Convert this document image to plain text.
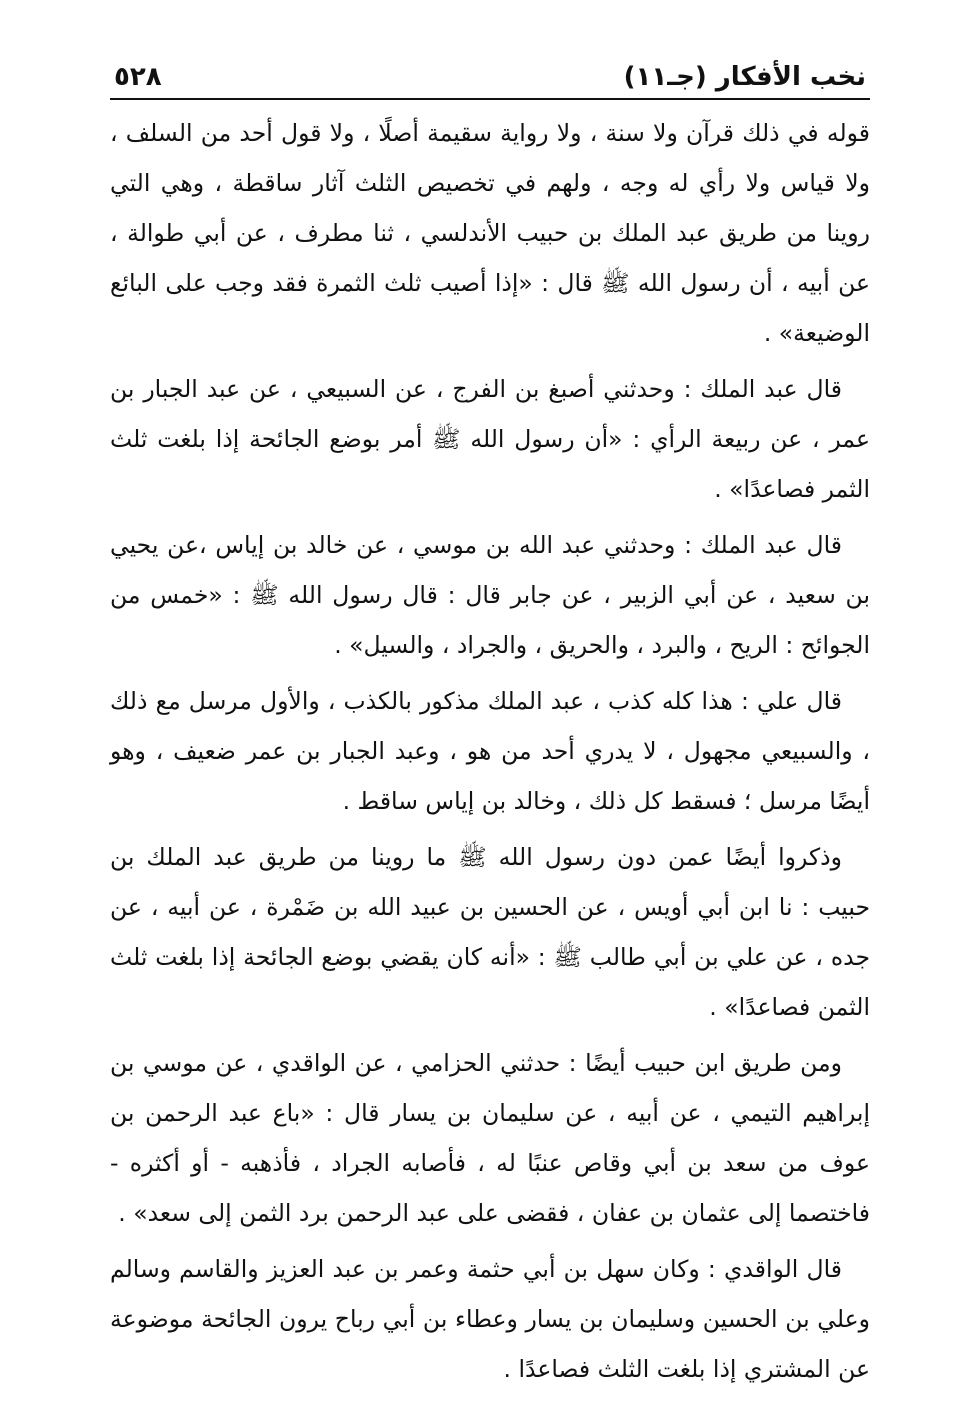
نخب الأفكار (جـ١١)
٥٢٨

قوله في ذلك قرآن ولا سنة ، ولا رواية سقيمة أصلًا ، ولا قول أحد من السلف ، ولا قياس ولا رأي له وجه ، ولهم في تخصيص الثلث آثار ساقطة ، وهي التي روينا من طريق عبد الملك بن حبيب الأندلسي ، ثنا مطرف ، عن أبي طوالة ، عن أبيه ، أن رسول الله ﷺ قال : «إذا أصيب ثلث الثمرة فقد وجب على البائع الوضيعة» .

قال عبد الملك : وحدثني أصبغ بن الفرج ، عن السبيعي ، عن عبد الجبار بن عمر ، عن ربيعة الرأي : «أن رسول الله ﷺ أمر بوضع الجائحة إذا بلغت ثلث الثمر فصاعدًا» .

قال عبد الملك : وحدثني عبد الله بن موسي ، عن خالد بن إياس ،عن يحيي بن سعيد ، عن أبي الزبير ، عن جابر قال : قال رسول الله ﷺ : «خمس من الجوائح : الريح ، والبرد ، والحريق ، والجراد ، والسيل» .

قال علي : هذا كله كذب ، عبد الملك مذكور بالكذب ، والأول مرسل مع ذلك ، والسبيعي مجهول ، لا يدري أحد من هو ، وعبد الجبار بن عمر ضعيف ، وهو أيضًا مرسل ؛ فسقط كل ذلك ، وخالد بن إياس ساقط .

وذكروا أيضًا عمن دون رسول الله ﷺ ما روينا من طريق عبد الملك بن حبيب : نا ابن أبي أويس ، عن الحسين بن عبيد الله بن ضَمْرة ، عن أبيه ، عن جده ، عن علي بن أبي طالب ﷺ : «أنه كان يقضي بوضع الجائحة إذا بلغت ثلث الثمن فصاعدًا» .

ومن طريق ابن حبيب أيضًا : حدثني الحزامي ، عن الواقدي ، عن موسي بن إبراهيم التيمي ، عن أبيه ، عن سليمان بن يسار قال : «باع عبد الرحمن بن عوف من سعد بن أبي وقاص عنبًا له ، فأصابه الجراد ، فأذهبه - أو أكثره - فاختصما إلى عثمان بن عفان ، فقضى على عبد الرحمن برد الثمن إلى سعد» .

قال الواقدي : وكان سهل بن أبي حثمة وعمر بن عبد العزيز والقاسم وسالم وعلي بن الحسين وسليمان بن يسار وعطاء بن أبي رباح يرون الجائحة موضوعة عن المشتري إذا بلغت الثلث فصاعدًا .
